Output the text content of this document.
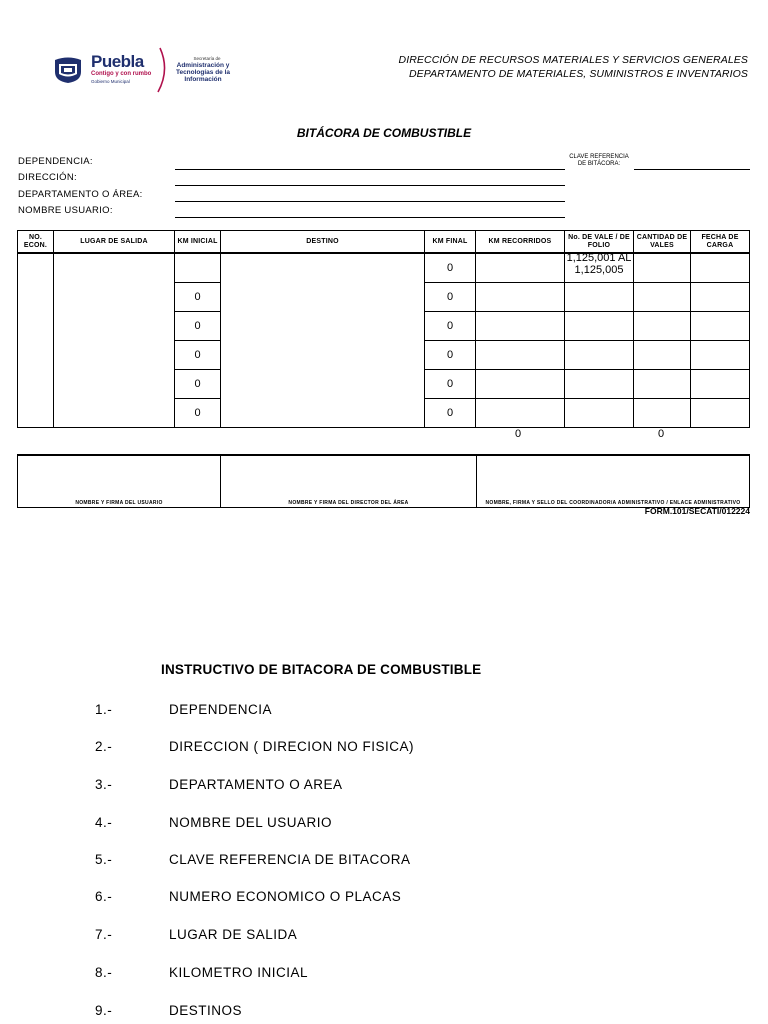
Puebla
Contigo y con rumbo
Gobierno Municipal
Secretaría de
Administración y Tecnologías de la Información
DIRECCIÓN DE RECURSOS MATERIALES Y SERVICIOS GENERALES
DEPARTAMENTO DE MATERIALES, SUMINISTROS E INVENTARIOS
BITÁCORA DE COMBUSTIBLE
DEPENDENCIA:
DIRECCIÓN:
DEPARTAMENTO O ÁREA:
NOMBRE USUARIO:
CLAVE REFERENCIA DE BITÁCORA:
NO. ECON.	LUGAR DE SALIDA	KM INICIAL	DESTINO	KM FINAL	KM RECORRIDOS	No. DE VALE / DE FOLIO	CANTIDAD DE VALES	FECHA DE CARGA
				0		1,125,001 AL 1,125,005		

		0		0				
		0		0				
		0		0				
		0		0				
		0		0				
0	0
NOMBRE Y FIRMA DEL USUARIO	NOMBRE Y FIRMA DEL DIRECTOR DEL ÁREA	NOMBRE, FIRMA Y SELLO DEL COORDINADOR/A ADMINISTRATIVO / ENLACE ADMINISTRATIVO
FORM.101/SECATI/012224
INSTRUCTIVO DE BITACORA DE COMBUSTIBLE
1.-	DEPENDENCIA
2.-	DIRECCION ( DIRECION NO FISICA)
3.-	DEPARTAMENTO O AREA
4.-	NOMBRE DEL USUARIO
5.-	CLAVE REFERENCIA DE BITACORA
6.-	NUMERO ECONOMICO O PLACAS
7.-	LUGAR DE SALIDA
8.-	KILOMETRO INICIAL
9.-	DESTINOS
